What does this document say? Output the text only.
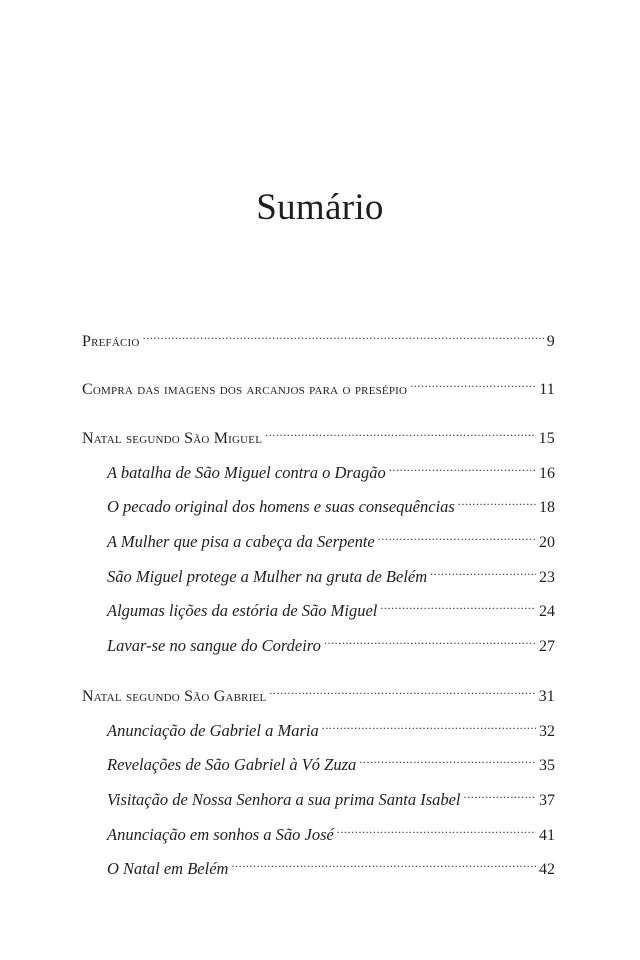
Sumário
Prefácio .....	9
Compra das imagens dos arcanjos para o presépio .....	11
Natal segundo São Miguel .....	15
A batalha de São Miguel contra o Dragão .....	16
O pecado original dos homens e suas consequências .....	18
A Mulher que pisa a cabeça da Serpente .....	20
São Miguel protege a Mulher na gruta de Belém .....	23
Algumas lições da estória de São Miguel .....	24
Lavar-se no sangue do Cordeiro .....	27
Natal segundo São Gabriel .....	31
Anunciação de Gabriel a Maria .....	32
Revelações de São Gabriel à Vó Zuza .....	35
Visitação de Nossa Senhora a sua prima Santa Isabel .....	37
Anunciação em sonhos a São José .....	41
O Natal em Belém .....	42
